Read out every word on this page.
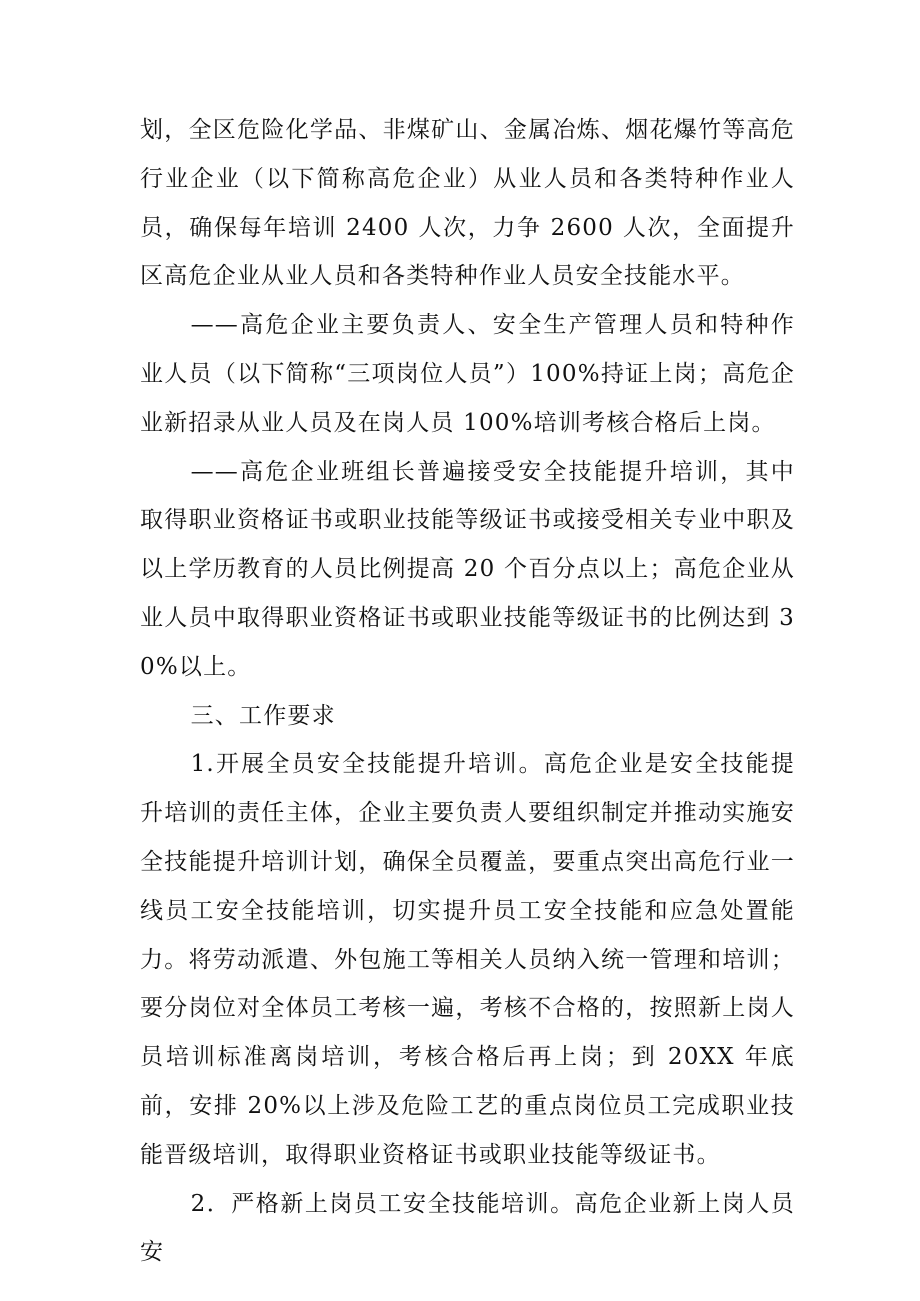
划，全区危险化学品、非煤矿山、金属冶炼、烟花爆竹等高危行业企业（以下简称高危企业）从业人员和各类特种作业人员，确保每年培训 2400 人次，力争 2600 人次，全面提升区高危企业从业人员和各类特种作业人员安全技能水平。

——高危企业主要负责人、安全生产管理人员和特种作业人员（以下简称“三项岗位人员”）100%持证上岗；高危企业新招录从业人员及在岗人员 100%培训考核合格后上岗。

——高危企业班组长普遍接受安全技能提升培训，其中取得职业资格证书或职业技能等级证书或接受相关专业中职及以上学历教育的人员比例提高 20 个百分点以上；高危企业从业人员中取得职业资格证书或职业技能等级证书的比例达到 30%以上。

三、工作要求

1.开展全员安全技能提升培训。高危企业是安全技能提升培训的责任主体，企业主要负责人要组织制定并推动实施安全技能提升培训计划，确保全员覆盖，要重点突出高危行业一线员工安全技能培训，切实提升员工安全技能和应急处置能力。将劳动派遣、外包施工等相关人员纳入统一管理和培训；要分岗位对全体员工考核一遍，考核不合格的，按照新上岗人员培训标准离岗培训，考核合格后再上岗；到 20XX 年底前，安排 20%以上涉及危险工艺的重点岗位员工完成职业技能晋级培训，取得职业资格证书或职业技能等级证书。

2．严格新上岗员工安全技能培训。高危企业新上岗人员安
